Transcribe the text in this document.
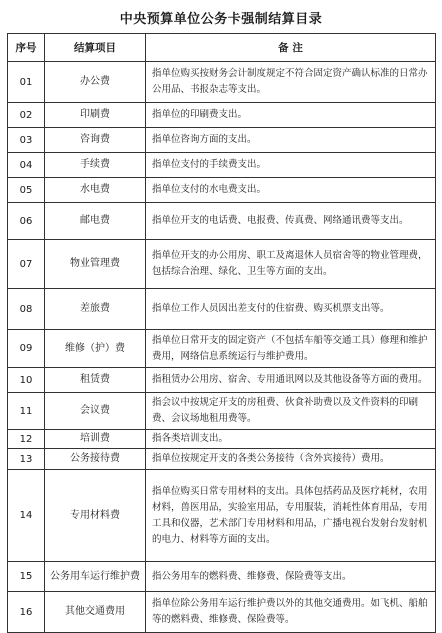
中央预算单位公务卡强制结算目录
序号	结算项目	备 注
01	办公费	指单位购买按财务会计制度规定不符合固定资产确认标准的日常办公用品、书报杂志等支出。
02	印刷费	指单位的印刷费支出。
03	咨询费	指单位咨询方面的支出。
04	手续费	指单位支付的手续费支出。
05	水电费	指单位支付的水电费支出。
06	邮电费	指单位开支的电话费、电报费、传真费、网络通讯费等支出。
07	物业管理费	指单位开支的办公用房、职工及离退休人员宿舍等的物业管理费，包括综合治理、绿化、卫生等方面的支出。
08	差旅费	指单位工作人员因出差支付的住宿费、购买机票支出等。
09	维修（护）费	指单位日常开支的固定资产（不包括车船等交通工具）修理和维护费用，网络信息系统运行与维护费用。
10	租赁费	指租赁办公用房、宿舍、专用通讯网以及其他设备等方面的费用。
11	会议费	指会议中按规定开支的房租费、伙食补助费以及文件资料的印刷费、会议场地租用费等。
12	培训费	指各类培训支出。
13	公务接待费	指单位按规定开支的各类公务接待（含外宾接待）费用。
14	专用材料费	指单位购买日常专用材料的支出。具体包括药品及医疗耗材，农用材料，兽医用品，实验室用品，专用服装，消耗性体育用品，专用工具和仪器，艺术部门专用材料和用品，广播电视台发射台发射机的电力、材料等方面的支出。
15	公务用车运行维护费	指公务用车的燃料费、维修费、保险费等支出。
16	其他交通费用	指单位除公务用车运行维护费以外的其他交通费用。如飞机、船舶等的燃料费、维修费、保险费等。
